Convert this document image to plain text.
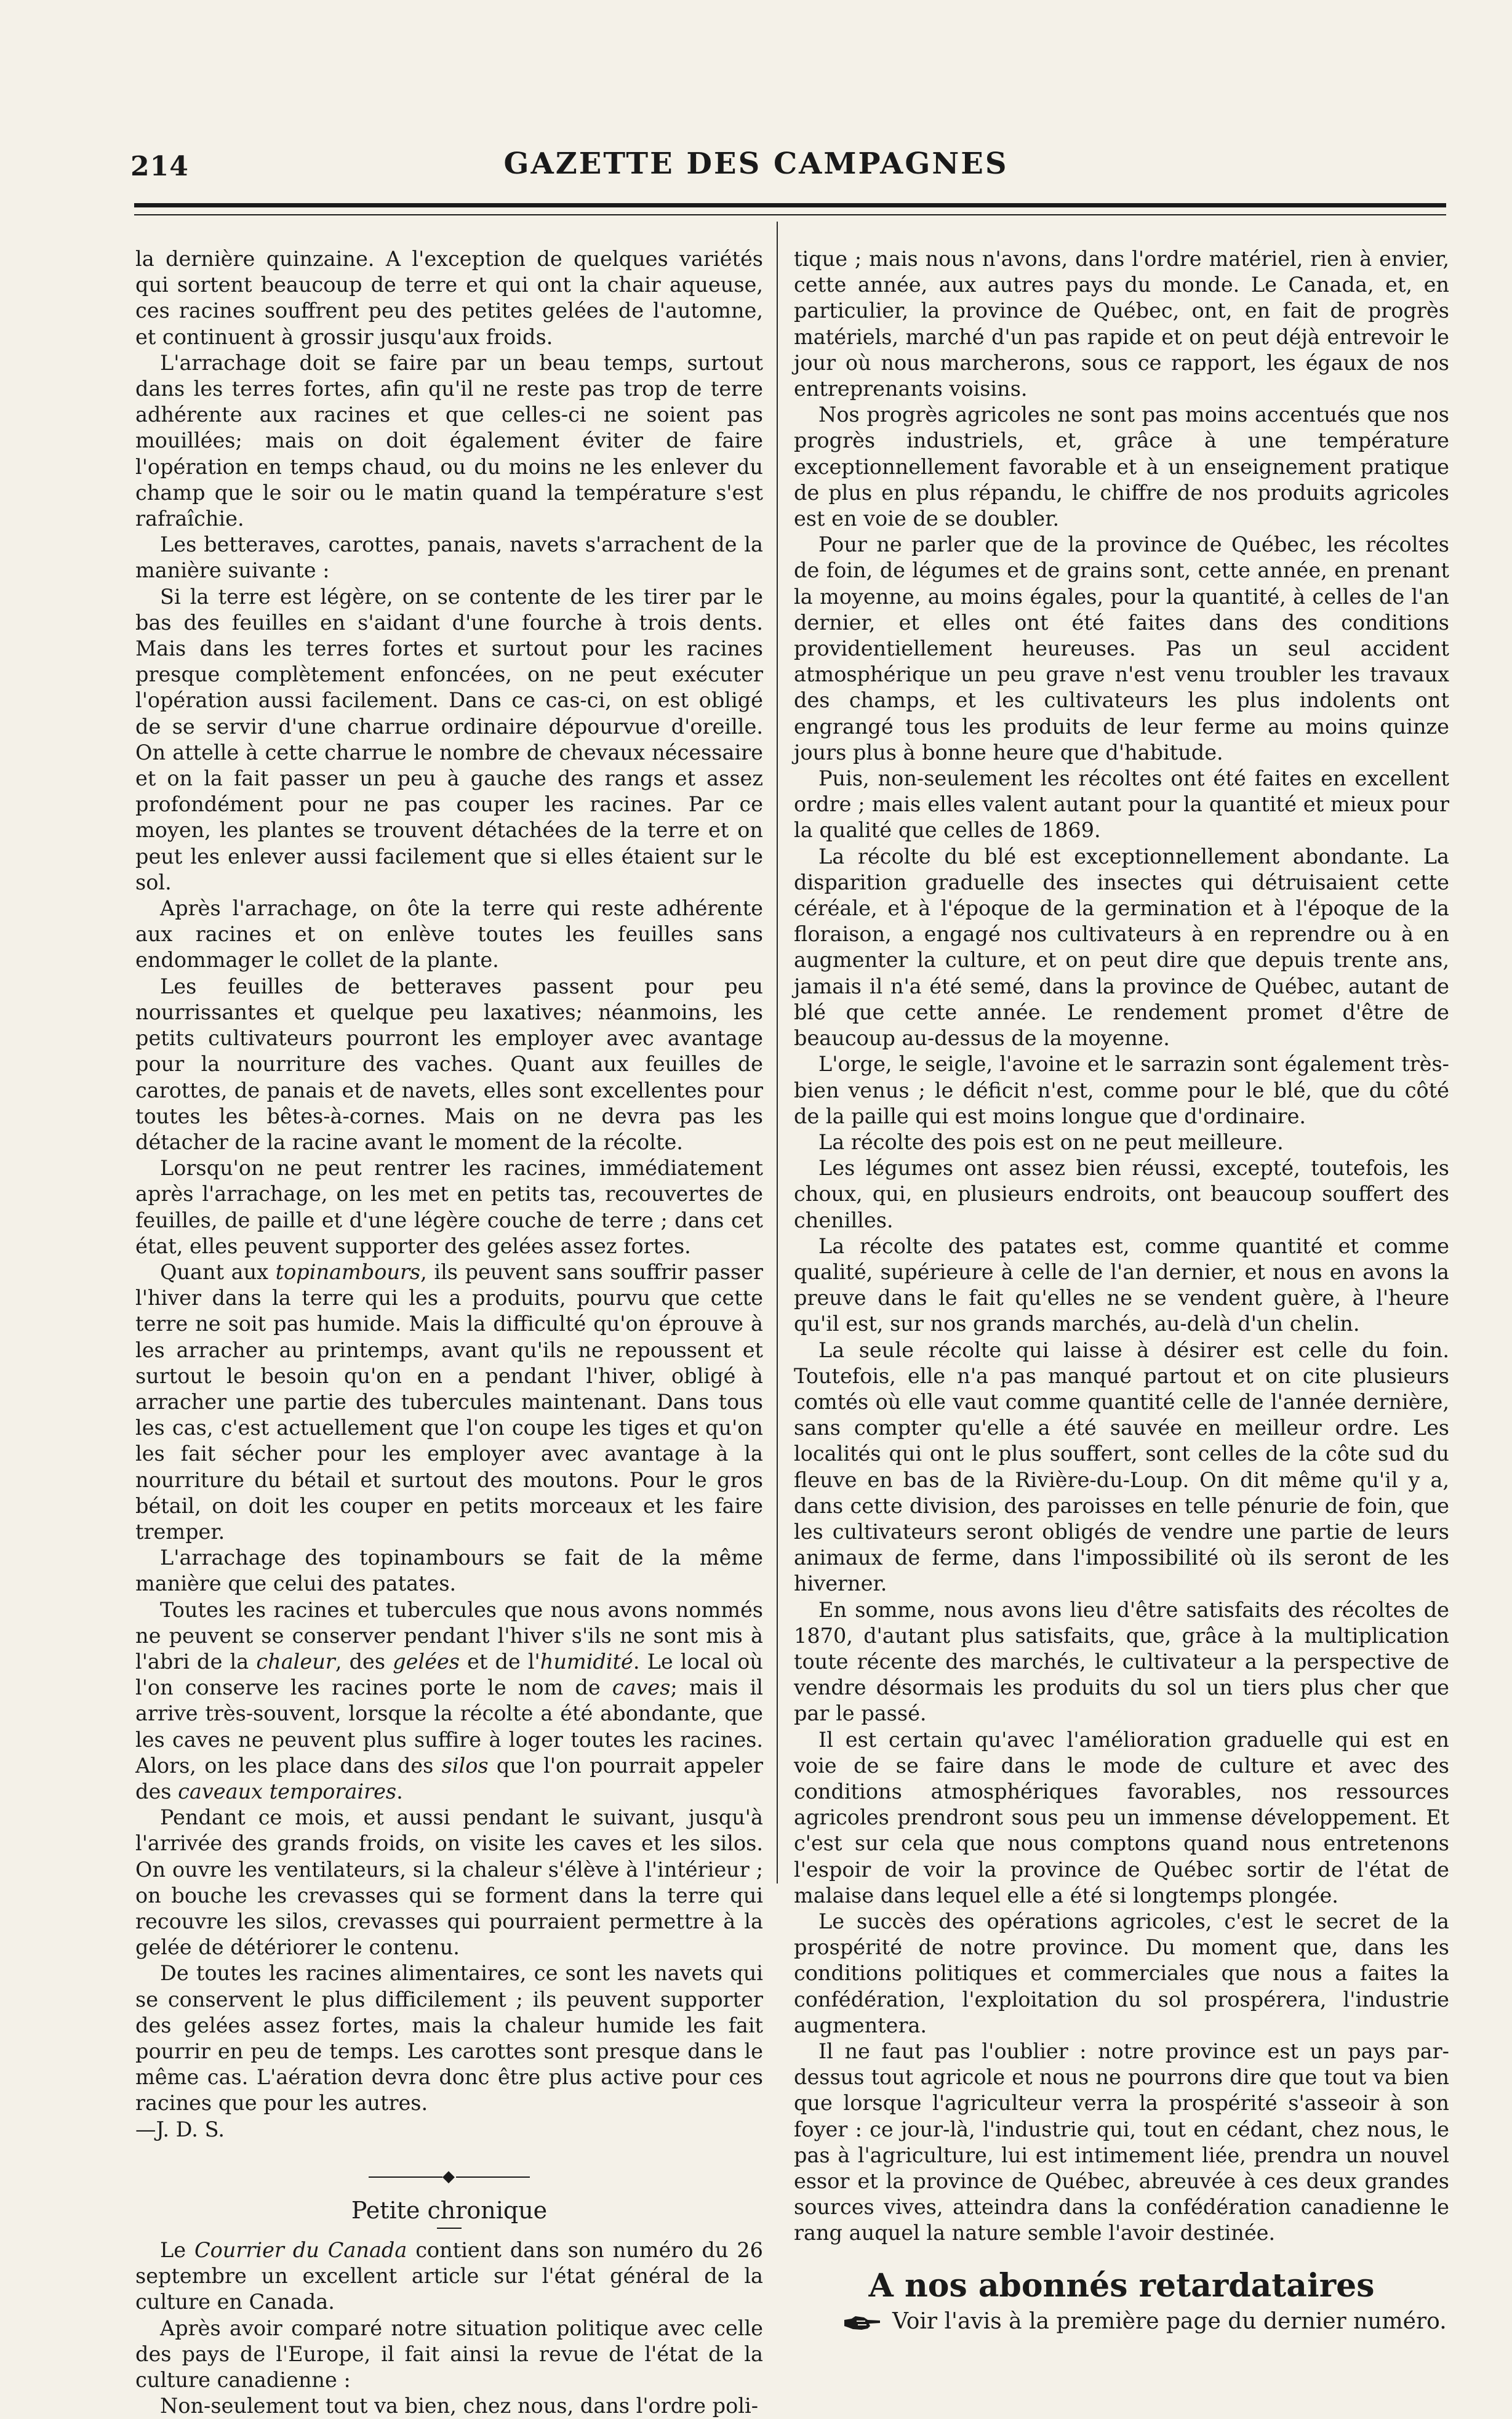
214	GAZETTE DES CAMPAGNES

la dernière quinzaine. A l'exception de quelques variétés qui sortent beaucoup de terre et qui ont la chair aqueuse, ces racines souffrent peu des petites gelées de l'automne, et continuent à grossir jusqu'aux froids.

L'arrachage doit se faire par un beau temps, surtout dans les terres fortes, afin qu'il ne reste pas trop de terre adhérente aux racines et que celles-ci ne soient pas mouillées; mais on doit également éviter de faire l'opération en temps chaud, ou du moins ne les enlever du champ que le soir ou le matin quand la température s'est rafraîchie.

Les betteraves, carottes, panais, navets s'arrachent de la manière suivante :

Si la terre est légère, on se contente de les tirer par le bas des feuilles en s'aidant d'une fourche à trois dents. Mais dans les terres fortes et surtout pour les racines presque complètement enfoncées, on ne peut exécuter l'opération aussi facilement. Dans ce cas-ci, on est obligé de se servir d'une charrue ordinaire dépourvue d'oreille. On attelle à cette charrue le nombre de chevaux nécessaire et on la fait passer un peu à gauche des rangs et assez profondément pour ne pas couper les racines. Par ce moyen, les plantes se trouvent détachées de la terre et on peut les enlever aussi facilement que si elles étaient sur le sol.

Après l'arrachage, on ôte la terre qui reste adhérente aux racines et on enlève toutes les feuilles sans endommager le collet de la plante.

Les feuilles de betteraves passent pour peu nourrissantes et quelque peu laxatives; néanmoins, les petits cultivateurs pourront les employer avec avantage pour la nourriture des vaches. Quant aux feuilles de carottes, de panais et de navets, elles sont excellentes pour toutes les bêtes-à-cornes. Mais on ne devra pas les détacher de la racine avant le moment de la récolte.

Lorsqu'on ne peut rentrer les racines, immédiatement après l'arrachage, on les met en petits tas, recouvertes de feuilles, de paille et d'une légère couche de terre ; dans cet état, elles peuvent supporter des gelées assez fortes.

Quant aux topinambours, ils peuvent sans souffrir passer l'hiver dans la terre qui les a produits, pourvu que cette terre ne soit pas humide. Mais la difficulté qu'on éprouve à les arracher au printemps, avant qu'ils ne repoussent et surtout le besoin qu'on en a pendant l'hiver, obligé à arracher une partie des tubercules maintenant. Dans tous les cas, c'est actuellement que l'on coupe les tiges et qu'on les fait sécher pour les employer avec avantage à la nourriture du bétail et surtout des moutons. Pour le gros bétail, on doit les couper en petits morceaux et les faire tremper.

L'arrachage des topinambours se fait de la même manière que celui des patates.

Toutes les racines et tubercules que nous avons nommés ne peuvent se conserver pendant l'hiver s'ils ne sont mis à l'abri de la chaleur, des gelées et de l'humidité. Le local où l'on conserve les racines porte le nom de caves; mais il arrive très-souvent, lorsque la récolte a été abondante, que les caves ne peuvent plus suffire à loger toutes les racines. Alors, on les place dans des silos que l'on pourrait appeler des caveaux temporaires.

Pendant ce mois, et aussi pendant le suivant, jusqu'à l'arrivée des grands froids, on visite les caves et les silos. On ouvre les ventilateurs, si la chaleur s'élève à l'intérieur ; on bouche les crevasses qui se forment dans la terre qui recouvre les silos, crevasses qui pourraient permettre à la gelée de détériorer le contenu.

De toutes les racines alimentaires, ce sont les navets qui se conservent le plus difficilement ; ils peuvent supporter des gelées assez fortes, mais la chaleur humide les fait pourrir en peu de temps. Les carottes sont presque dans le même cas. L'aération devra donc être plus active pour ces racines que pour les autres.

—J. D. S.

◆
Petite chronique

Le Courrier du Canada contient dans son numéro du 26 septembre un excellent article sur l'état général de la culture en Canada.

Après avoir comparé notre situation politique avec celle des pays de l'Europe, il fait ainsi la revue de l'état de la culture canadienne :

Non-seulement tout va bien, chez nous, dans l'ordre poli-

tique ; mais nous n'avons, dans l'ordre matériel, rien à envier, cette année, aux autres pays du monde. Le Canada, et, en particulier, la province de Québec, ont, en fait de progrès matériels, marché d'un pas rapide et on peut déjà entrevoir le jour où nous marcherons, sous ce rapport, les égaux de nos entreprenants voisins.

Nos progrès agricoles ne sont pas moins accentués que nos progrès industriels, et, grâce à une température exceptionnellement favorable et à un enseignement pratique de plus en plus répandu, le chiffre de nos produits agricoles est en voie de se doubler.

Pour ne parler que de la province de Québec, les récoltes de foin, de légumes et de grains sont, cette année, en prenant la moyenne, au moins égales, pour la quantité, à celles de l'an dernier, et elles ont été faites dans des conditions providentiellement heureuses. Pas un seul accident atmosphérique un peu grave n'est venu troubler les travaux des champs, et les cultivateurs les plus indolents ont engrangé tous les produits de leur ferme au moins quinze jours plus à bonne heure que d'habitude.

Puis, non-seulement les récoltes ont été faites en excellent ordre ; mais elles valent autant pour la quantité et mieux pour la qualité que celles de 1869.

La récolte du blé est exceptionnellement abondante. La disparition graduelle des insectes qui détruisaient cette céréale, et à l'époque de la germination et à l'époque de la floraison, a engagé nos cultivateurs à en reprendre ou à en augmenter la culture, et on peut dire que depuis trente ans, jamais il n'a été semé, dans la province de Québec, autant de blé que cette année. Le rendement promet d'être de beaucoup au-dessus de la moyenne.

L'orge, le seigle, l'avoine et le sarrazin sont également très-bien venus ; le déficit n'est, comme pour le blé, que du côté de la paille qui est moins longue que d'ordinaire.

La récolte des pois est on ne peut meilleure.

Les légumes ont assez bien réussi, excepté, toutefois, les choux, qui, en plusieurs endroits, ont beaucoup souffert des chenilles.

La récolte des patates est, comme quantité et comme qualité, supérieure à celle de l'an dernier, et nous en avons la preuve dans le fait qu'elles ne se vendent guère, à l'heure qu'il est, sur nos grands marchés, au-delà d'un chelin.

La seule récolte qui laisse à désirer est celle du foin. Toutefois, elle n'a pas manqué partout et on cite plusieurs comtés où elle vaut comme quantité celle de l'année dernière, sans compter qu'elle a été sauvée en meilleur ordre. Les localités qui ont le plus souffert, sont celles de la côte sud du fleuve en bas de la Rivière-du-Loup. On dit même qu'il y a, dans cette division, des paroisses en telle pénurie de foin, que les cultivateurs seront obligés de vendre une partie de leurs animaux de ferme, dans l'impossibilité où ils seront de les hiverner.

En somme, nous avons lieu d'être satisfaits des récoltes de 1870, d'autant plus satisfaits, que, grâce à la multiplication toute récente des marchés, le cultivateur a la perspective de vendre désormais les produits du sol un tiers plus cher que par le passé.

Il est certain qu'avec l'amélioration graduelle qui est en voie de se faire dans le mode de culture et avec des conditions atmosphériques favorables, nos ressources agricoles prendront sous peu un immense développement. Et c'est sur cela que nous comptons quand nous entretenons l'espoir de voir la province de Québec sortir de l'état de malaise dans lequel elle a été si longtemps plongée.

Le succès des opérations agricoles, c'est le secret de la prospérité de notre province. Du moment que, dans les conditions politiques et commerciales que nous a faites la confédération, l'exploitation du sol prospérera, l'industrie augmentera.

Il ne faut pas l'oublier : notre province est un pays par-dessus tout agricole et nous ne pourrons dire que tout va bien que lorsque l'agriculteur verra la prospérité s'asseoir à son foyer : ce jour-là, l'industrie qui, tout en cédant, chez nous, le pas à l'agriculture, lui est intimement liée, prendra un nouvel essor et la province de Québec, abreuvée à ces deux grandes sources vives, atteindra dans la confédération canadienne le rang auquel la nature semble l'avoir destinée.

A nos abonnés retardataires

Voir l'avis à la première page du dernier numéro.
